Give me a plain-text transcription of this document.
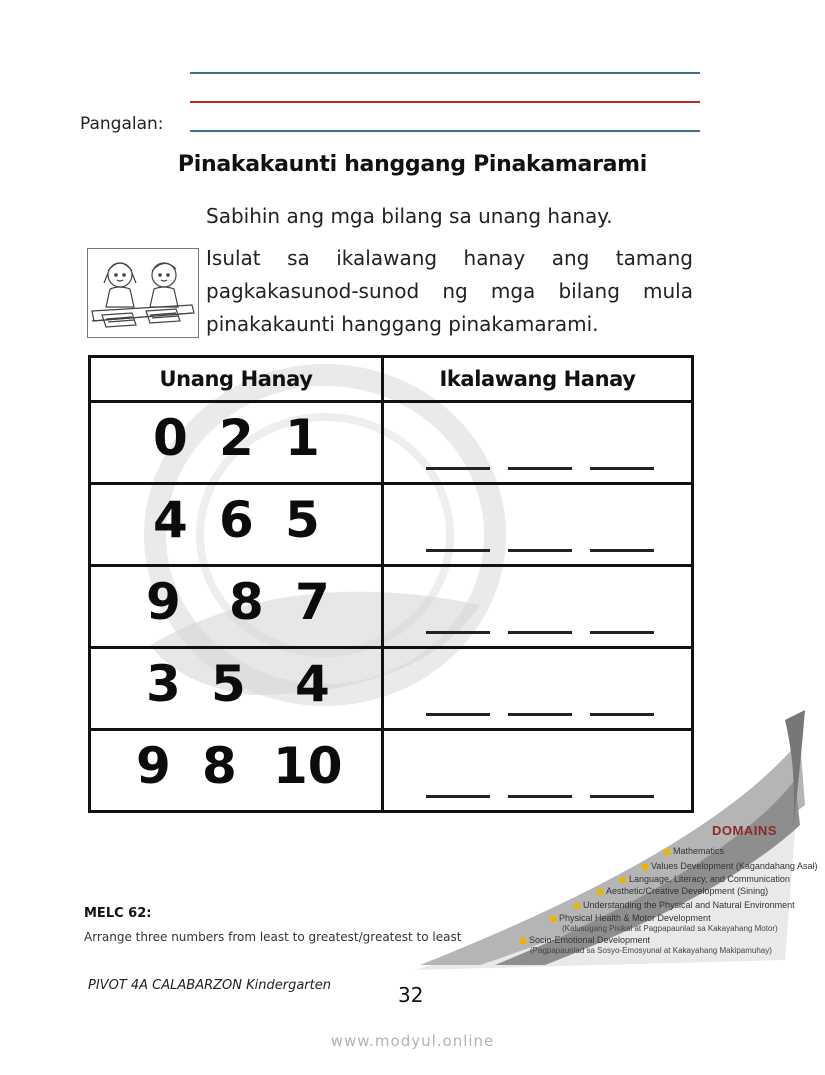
Pangalan:
Pinakakaunti hanggang Pinakamarami
Sabihin ang mga bilang sa unang hanay.
Isulat sa ikalawang hanay ang tamang pagkakasunod-sunod ng mga bilang mula pinakakaunti hanggang pinakamarami.
Unang Hanay	Ikalawang Hanay

0 2 1	

4 6 5	

9 8 7	

3 5 4	

9 8 10	

DOMAINS
Mathematics
Values Development (Kagandahang Asal)
Language, Literacy, and Communication
Aesthetic/Creative Development (Sining)
Understanding the Physical and Natural Environment
Physical Health & Motor Development
(Kalusugang Pisikal at Pagpapaunlad sa Kakayahang Motor)
Socio-Emotional Development
(Pagpapaunlad sa Sosyo-Emosyunal at Kakayahang Makipamuhay)
MELC 62:
Arrange three numbers from least to greatest/greatest to least
PIVOT 4A CALABARZON Kindergarten	32
www.modyul.online
